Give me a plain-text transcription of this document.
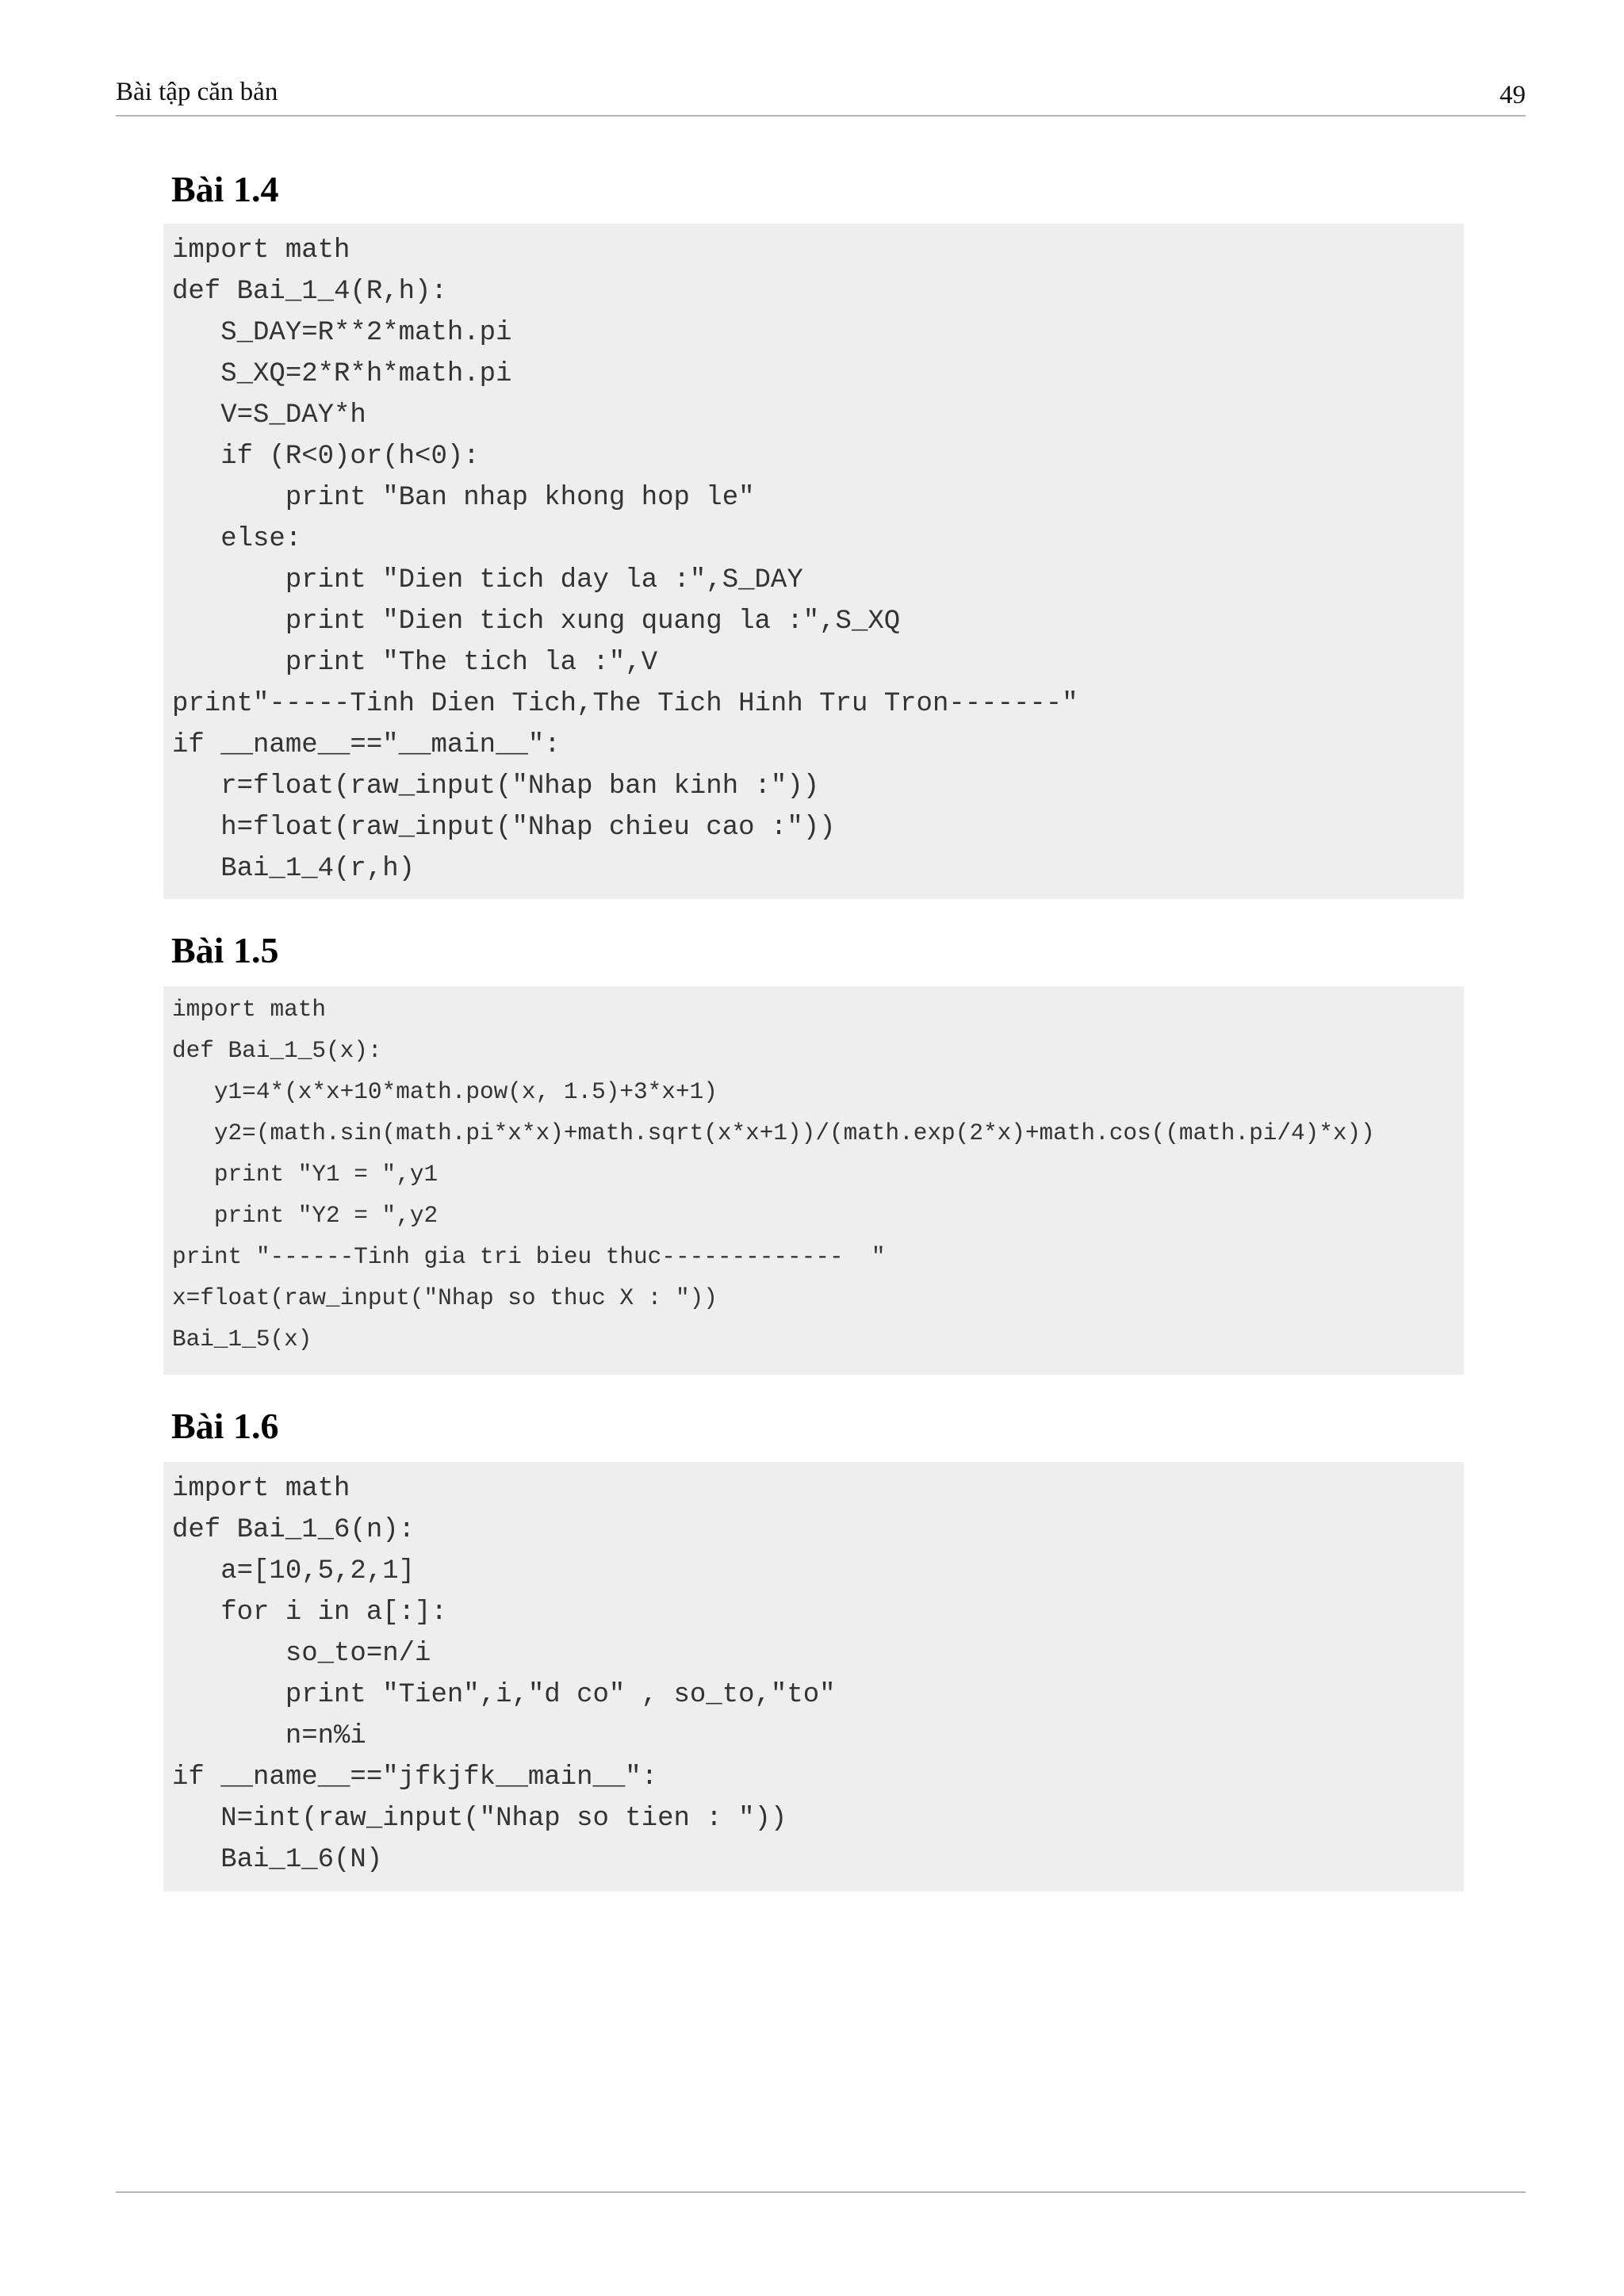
Bài tập căn bản	49
Bài 1.4
import math
def Bai_1_4(R,h):
S_DAY=R**2*math.pi
S_XQ=2*R*h*math.pi
V=S_DAY*h
if (R<0)or(h<0):
print "Ban nhap khong hop le"
else:
print "Dien tich day la :",S_DAY
print "Dien tich xung quang la :",S_XQ
print "The tich la :",V
print"-----Tinh Dien Tich,The Tich Hinh Tru Tron-------"
if __name__=="__main__":
r=float(raw_input("Nhap ban kinh :"))
h=float(raw_input("Nhap chieu cao :"))
Bai_1_4(r,h)
Bài 1.5
import math
def Bai_1_5(x):
y1=4*(x*x+10*math.pow(x, 1.5)+3*x+1)
y2=(math.sin(math.pi*x*x)+math.sqrt(x*x+1))/(math.exp(2*x)+math.cos((math.pi/4)*x))
print "Y1 = ",y1
print "Y2 = ",y2
print "------Tinh gia tri bieu thuc-------------  "
x=float(raw_input("Nhap so thuc X : "))
Bai_1_5(x)
Bài 1.6
import math
def Bai_1_6(n):
a=[10,5,2,1]
for i in a[:]:
so_to=n/i
print "Tien",i,"d co" , so_to,"to"
n=n%i
if __name__=="jfkjfk__main__":
N=int(raw_input("Nhap so tien : "))
Bai_1_6(N)
